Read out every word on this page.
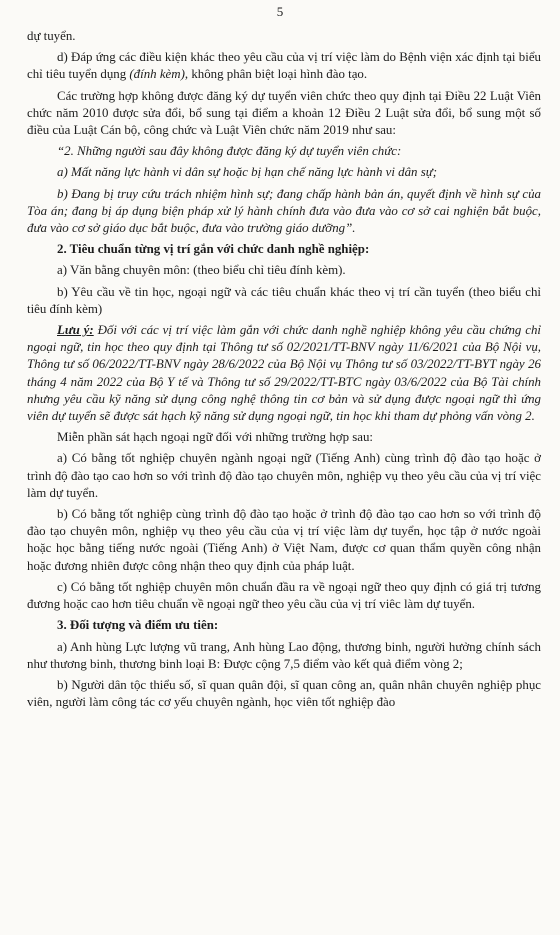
5

dự tuyển.

d) Đáp ứng các điều kiện khác theo yêu cầu của vị trí việc làm do Bệnh viện xác định tại biểu chỉ tiêu tuyển dụng (đính kèm), không phân biệt loại hình đào tạo.

Các trường hợp không được đăng ký dự tuyển viên chức theo quy định tại Điều 22 Luật Viên chức năm 2010 được sửa đổi, bổ sung tại điểm a khoản 12 Điều 2 Luật sửa đổi, bổ sung một số điều của Luật Cán bộ, công chức và Luật Viên chức năm 2019 như sau:

“2. Những người sau đây không được đăng ký dự tuyển viên chức:

a) Mất năng lực hành vi dân sự hoặc bị hạn chế năng lực hành vi dân sự;

b) Đang bị truy cứu trách nhiệm hình sự; đang chấp hành bản án, quyết định về hình sự của Tòa án; đang bị áp dụng biện pháp xử lý hành chính đưa vào đưa vào cơ sở cai nghiện bắt buộc, đưa vào cơ sở giáo dục bắt buộc, đưa vào trường giáo dưỡng”.

2. Tiêu chuẩn từng vị trí gắn với chức danh nghề nghiệp:

a) Văn bằng chuyên môn: (theo biểu chỉ tiêu đính kèm).

b) Yêu cầu về tin học, ngoại ngữ và các tiêu chuẩn khác theo vị trí cần tuyển (theo biểu chỉ tiêu đính kèm)

Lưu ý: Đối với các vị trí việc làm gắn với chức danh nghề nghiệp không yêu cầu chứng chỉ ngoại ngữ, tin học theo quy định tại Thông tư số 02/2021/TT-BNV ngày 11/6/2021 của Bộ Nội vụ, Thông tư số 06/2022/TT-BNV ngày 28/6/2022 của Bộ Nội vụ Thông tư số 03/2022/TT-BYT ngày 26 tháng 4 năm 2022 của Bộ Y tế và Thông tư số 29/2022/TT-BTC ngày 03/6/2022 của Bộ Tài chính nhưng yêu cầu kỹ năng sử dụng công nghệ thông tin cơ bản và sử dụng được ngoại ngữ thì ứng viên dự tuyển sẽ được sát hạch kỹ năng sử dụng ngoại ngữ, tin học khi tham dự phỏng vấn vòng 2.

Miễn phần sát hạch ngoại ngữ đối với những trường hợp sau:

a) Có bằng tốt nghiệp chuyên ngành ngoại ngữ (Tiếng Anh) cùng trình độ đào tạo hoặc ở trình độ đào tạo cao hơn so với trình độ đào tạo chuyên môn, nghiệp vụ theo yêu cầu của vị trí việc làm dự tuyển.

b) Có bằng tốt nghiệp cùng trình độ đào tạo hoặc ở trình độ đào tạo cao hơn so với trình độ đào tạo chuyên môn, nghiệp vụ theo yêu cầu của vị trí việc làm dự tuyển, học tập ở nước ngoài hoặc học bằng tiếng nước ngoài (Tiếng Anh) ở Việt Nam, được cơ quan thẩm quyền công nhận hoặc đương nhiên được công nhận theo quy định của pháp luật.

c) Có bằng tốt nghiệp chuyên môn chuẩn đầu ra về ngoại ngữ theo quy định có giá trị tương đương hoặc cao hơn tiêu chuẩn về ngoại ngữ theo yêu cầu của vị trí viêc làm dự tuyển.

3. Đối tượng và điểm ưu tiên:

a) Anh hùng Lực lượng vũ trang, Anh hùng Lao động, thương binh, người hưởng chính sách như thương binh, thương binh loại B: Được cộng 7,5 điểm vào kết quả điểm vòng 2;

b) Người dân tộc thiểu số, sĩ quan quân đội, sĩ quan công an, quân nhân chuyên nghiệp phục viên, người làm công tác cơ yếu chuyên ngành, học viên tốt nghiệp đào
